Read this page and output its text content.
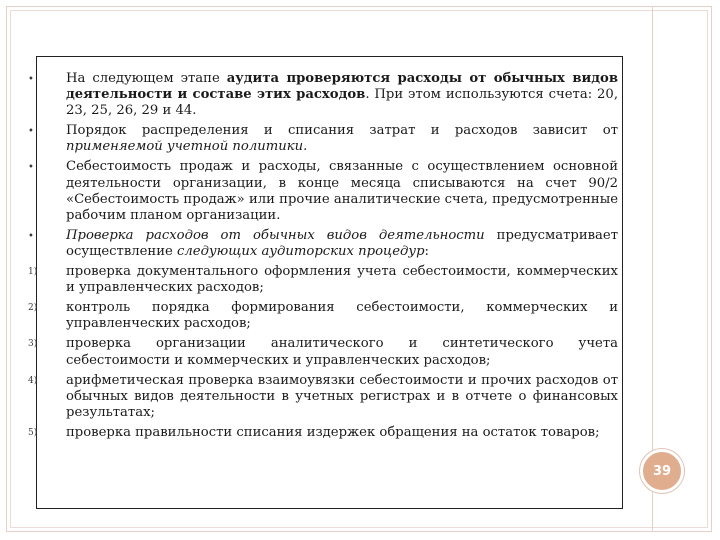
•	На следующем этапе аудита проверяются расходы от обычных видов деятельности и составе этих расходов. При этом используются счета: 20, 23, 25, 26, 29 и 44.
•	Порядок распределения и списания затрат и расходов зависит от применяемой учетной политики.
•	Себестоимость продаж и расходы, связанные с осуществлением основной деятельности организации, в конце месяца списываются на счет 90/2 «Себестоимость продаж» или прочие аналитические счета, предусмотренные рабочим планом организации.
•	Проверка расходов от обычных видов деятельности предусматривает осуществление следующих аудиторских процедур:
1)	проверка документального оформления учета себестоимости, коммерческих и управленческих расходов;
2)	контроль порядка формирования себестоимости, коммерческих и управленческих расходов;
3)	проверка организации аналитического и синтетического учета себестоимости и коммерческих и управленческих расходов;
4)	арифметическая проверка взаимоувязки себестоимости и прочих расходов от обычных видов деятельности в учетных регистрах и в отчете о финансовых результатах;
5)	проверка правильности списания издержек обращения на остаток товаров;
39
